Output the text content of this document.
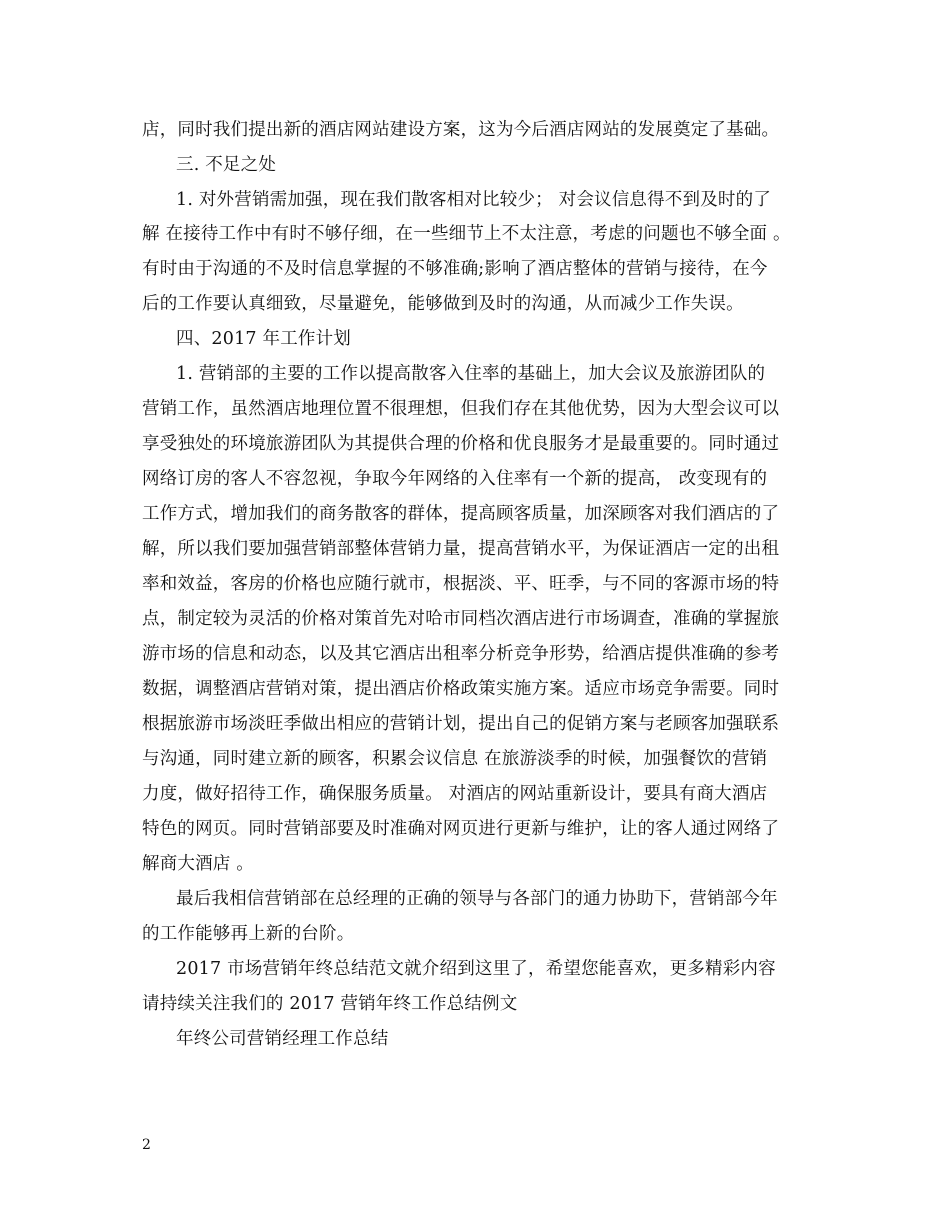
店，同时我们提出新的酒店网站建设方案，这为今后酒店网站的发展奠定了基础。
三. 不足之处
1. 对外营销需加强，现在我们散客相对比较少； 对会议信息得不到及时的了
解 在接待工作中有时不够仔细，在一些细节上不太注意，考虑的问题也不够全面 。
有时由于沟通的不及时信息掌握的不够准确;影响了酒店整体的营销与接待，在今
后的工作要认真细致，尽量避免，能够做到及时的沟通，从而减少工作失误。
四、2017 年工作计划
1. 营销部的主要的工作以提高散客入住率的基础上，加大会议及旅游团队的
营销工作，虽然酒店地理位置不很理想，但我们存在其他优势，因为大型会议可以
享受独处的环境旅游团队为其提供合理的价格和优良服务才是最重要的。同时通过
网络订房的客人不容忽视，争取今年网络的入住率有一个新的提高， 改变现有的
工作方式，增加我们的商务散客的群体，提高顾客质量，加深顾客对我们酒店的了
解，所以我们要加强营销部整体营销力量，提高营销水平，为保证酒店一定的出租
率和效益，客房的价格也应随行就市，根据淡、平、旺季，与不同的客源市场的特
点，制定较为灵活的价格对策首先对哈市同档次酒店进行市场调查，准确的掌握旅
游市场的信息和动态，以及其它酒店出租率分析竞争形势，给酒店提供准确的参考
数据，调整酒店营销对策，提出酒店价格政策实施方案。适应市场竞争需要。同时
根据旅游市场淡旺季做出相应的营销计划，提出自己的促销方案与老顾客加强联系
与沟通，同时建立新的顾客，积累会议信息 在旅游淡季的时候，加强餐饮的营销
力度，做好招待工作，确保服务质量。 对酒店的网站重新设计，要具有商大酒店
特色的网页。同时营销部要及时准确对网页进行更新与维护，让的客人通过网络了
解商大酒店 。
最后我相信营销部在总经理的正确的领导与各部门的通力协助下，营销部今年
的工作能够再上新的台阶。
2017 市场营销年终总结范文就介绍到这里了，希望您能喜欢，更多精彩内容
请持续关注我们的 2017 营销年终工作总结例文
年终公司营销经理工作总结
2
